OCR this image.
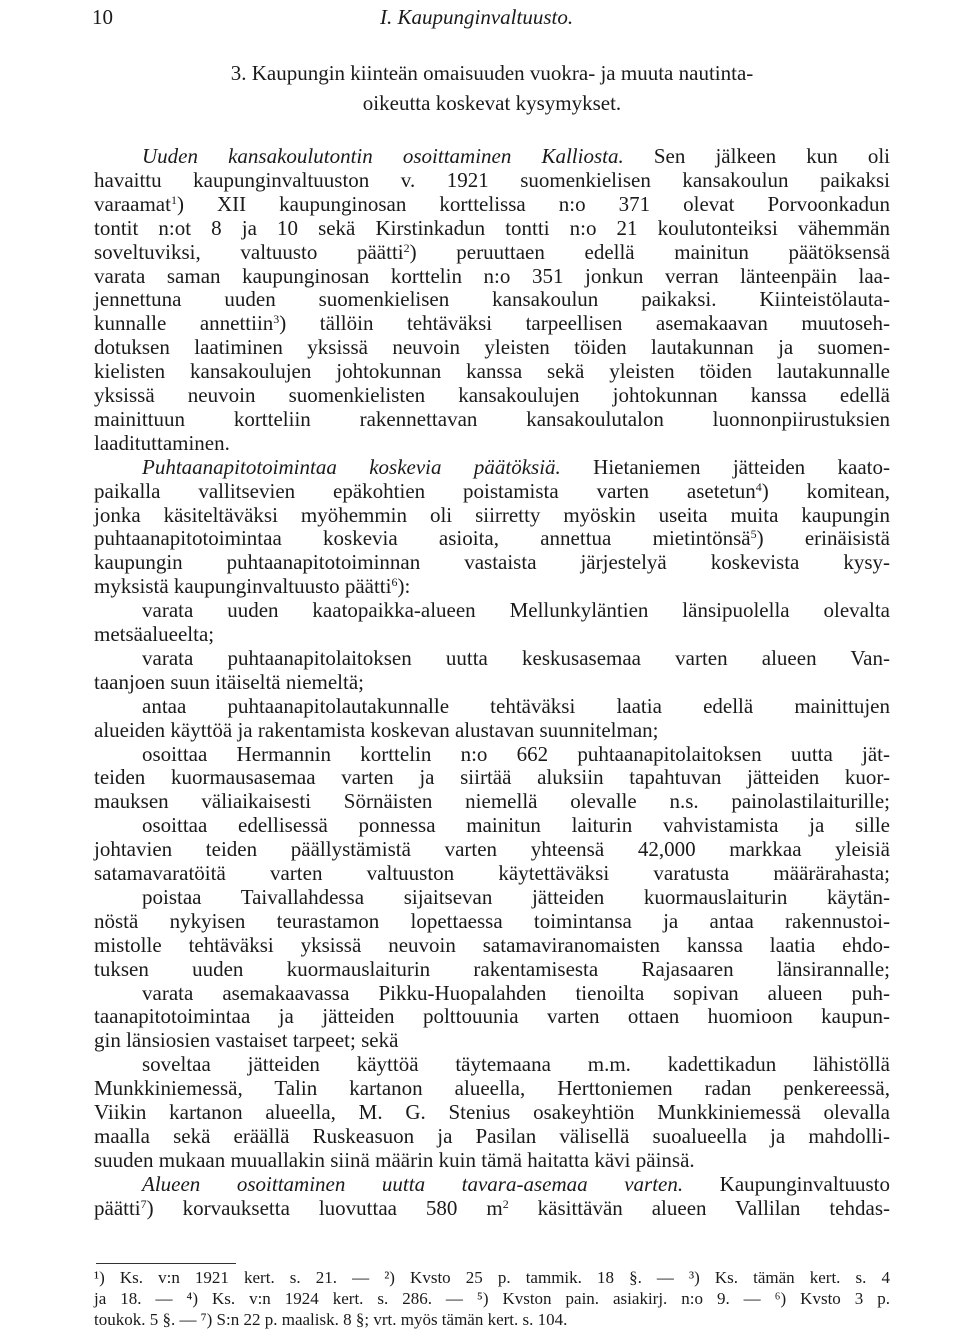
10	I. Kaupunginvaltuusto.
3. Kaupungin kiinteän omaisuuden vuokra- ja muuta nautinta-
oikeutta koskevat kysymykset.
Uuden kansakoulutontin osoittaminen Kalliosta. Sen jälkeen kun oli
havaittu kaupunginvaltuuston v. 1921 suomenkielisen kansakoulun paikaksi
varaamat$^1$) XII kaupunginosan korttelissa n:o 371 olevat Porvoonkadun
tontit n:ot 8 ja 10 sekä Kirstinkadun tontti n:o 21 koulutonteiksi vähemmän
soveltuviksi, valtuusto päätti$^2$) peruuttaen edellä mainitun päätöksensä
varata saman kaupunginosan korttelin n:o 351 jonkun verran länteenpäin laa-
jennettuna uuden suomenkielisen kansakoulun paikaksi. Kiinteistölauta-
kunnalle annettiin$^3$) tällöin tehtäväksi tarpeellisen asemakaavan muutoseh-
dotuksen laatiminen yksissä neuvoin yleisten töiden lautakunnan ja suomen-
kielisten kansakoulujen johtokunnan kanssa sekä yleisten töiden lautakunnalle
yksissä neuvoin suomenkielisten kansakoulujen johtokunnan kanssa edellä
mainittuun kortteliin rakennettavan kansakoulutalon luonnonpiirustuksien
laadituttaminen.
Puhtaanapitotoimintaa koskevia päätöksiä. Hietaniemen jätteiden kaato-
paikalla vallitsevien epäkohtien poistamista varten asetetun$^4$) komitean,
jonka käsiteltäväksi myöhemmin oli siirretty myöskin useita muita kaupungin
puhtaanapitotoimintaa koskevia asioita, annettua mietintönsä$^5$) erinäisistä
kaupungin puhtaanapitotoiminnan vastaista järjestelyä koskevista kysy-
myksistä kaupunginvaltuusto päätti$^6$):
varata uuden kaatopaikka-alueen Mellunkyläntien länsipuolella olevalta
metsäalueelta;
varata puhtaanapitolaitoksen uutta keskusasemaa varten alueen Van-
taanjoen suun itäiseltä niemeltä;
antaa puhtaanapitolautakunnalle tehtäväksi laatia edellä mainittujen
alueiden käyttöä ja rakentamista koskevan alustavan suunnitelman;
osoittaa Hermannin korttelin n:o 662 puhtaanapitolaitoksen uutta jät-
teiden kuormausasemaa varten ja siirtää aluksiin tapahtuvan jätteiden kuor-
mauksen väliaikaisesti Sörnäisten niemellä olevalle n.s. painolastilaiturille;
osoittaa edellisessä ponnessa mainitun laiturin vahvistamista ja sille
johtavien teiden päällystämistä varten yhteensä 42,000 markkaa yleisiä
satamavaratöitä varten valtuuston käytettäväksi varatusta määrärahasta;
poistaa Taivallahdessa sijaitsevan jätteiden kuormauslaiturin käytän-
nöstä nykyisen teurastamon lopettaessa toimintansa ja antaa rakennustoi-
mistolle tehtäväksi yksissä neuvoin satamaviranomaisten kanssa laatia ehdo-
tuksen uuden kuormauslaiturin rakentamisesta Rajasaaren länsirannalle;
varata asemakaavassa Pikku-Huopalahden tienoilta sopivan alueen puh-
taanapitotoimintaa ja jätteiden polttouunia varten ottaen huomioon kaupun-
gin länsiosien vastaiset tarpeet; sekä
soveltaa jätteiden käyttöä täytemaana m.m. kadettikadun lähistöllä
Munkkiniemessä, Talin kartanon alueella, Herttoniemen radan penkereessä,
Viikin kartanon alueella, M. G. Stenius osakeyhtiön Munkkiniemessä olevalla
maalla sekä eräällä Ruskeasuon ja Pasilan välisellä suoalueella ja mahdolli-
suuden mukaan muuallakin siinä määrin kuin tämä haitatta kävi päinsä.
Alueen osoittaminen uutta tavara-asemaa varten. Kaupunginvaltuusto
päätti$^7$) korvauksetta luovuttaa 580 $m^2$ käsittävän alueen Vallilan tehdas-
¹) Ks. v:n 1921 kert. s. 21. — ²) Kvsto 25 p. tammik. 18 §. — ³) Ks. tämän kert. s. 4
ja 18. — ⁴) Ks. v:n 1924 kert. s. 286. — ⁵) Kvston pain. asiakirj. n:o 9. — ⁶) Kvsto 3 p.
toukok. 5 §. — ⁷) S:n 22 p. maalisk. 8 §; vrt. myös tämän kert. s. 104.
